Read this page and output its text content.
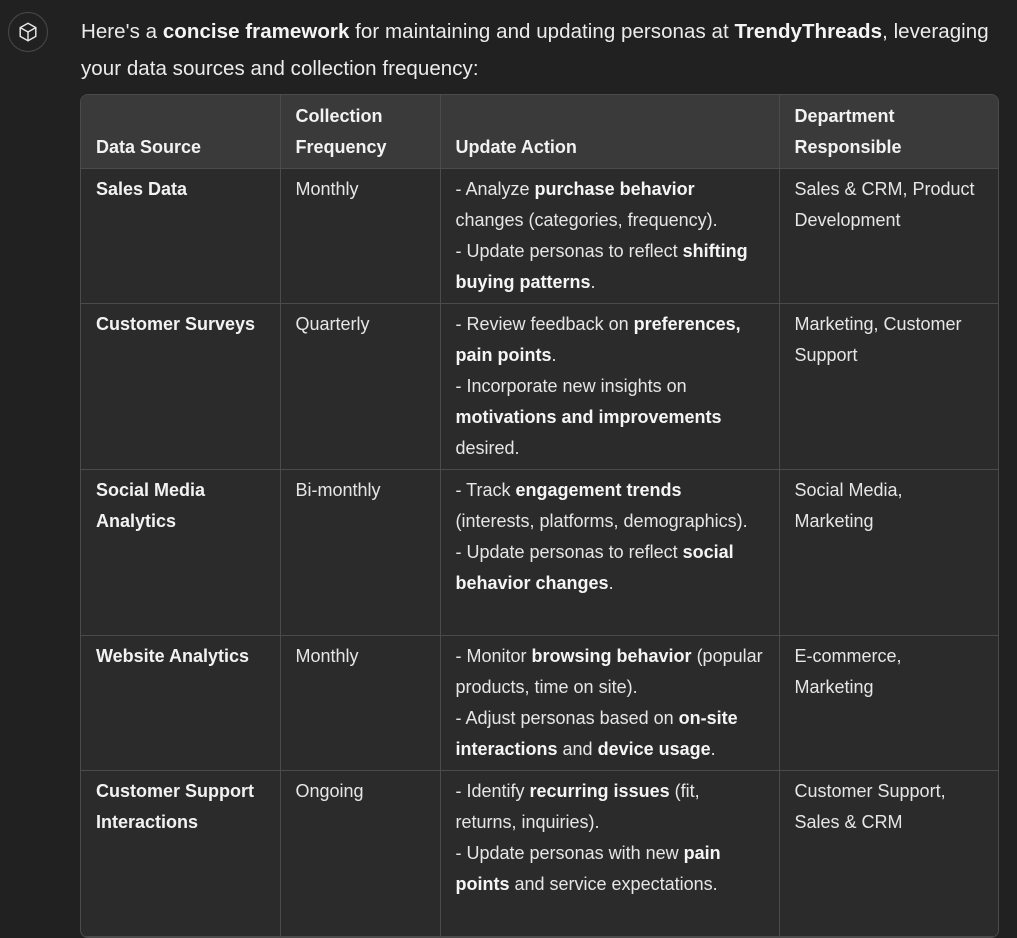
Here's a concise framework for maintaining and updating personas at TrendyThreads, leveraging your data sources and collection frequency:

Data Source	Collection Frequency	Update Action	Department Responsible
Sales Data	Monthly	- Analyze purchase behavior changes (categories, frequency).
- Update personas to reflect shifting buying patterns.	Sales & CRM, Product Development
Customer Surveys	Quarterly	- Review feedback on preferences, pain points.
- Incorporate new insights on motivations and improvements desired.	Marketing, Customer Support
Social Media Analytics	Bi-monthly	- Track engagement trends (interests, platforms, demographics).
- Update personas to reflect social behavior changes.	Social Media, Marketing
Website Analytics	Monthly	- Monitor browsing behavior (popular products, time on site).
- Adjust personas based on on-site interactions and device usage.	E-commerce, Marketing
Customer Support Interactions	Ongoing	- Identify recurring issues (fit, returns, inquiries).
- Update personas with new pain points and service expectations.	Customer Support, Sales & CRM
